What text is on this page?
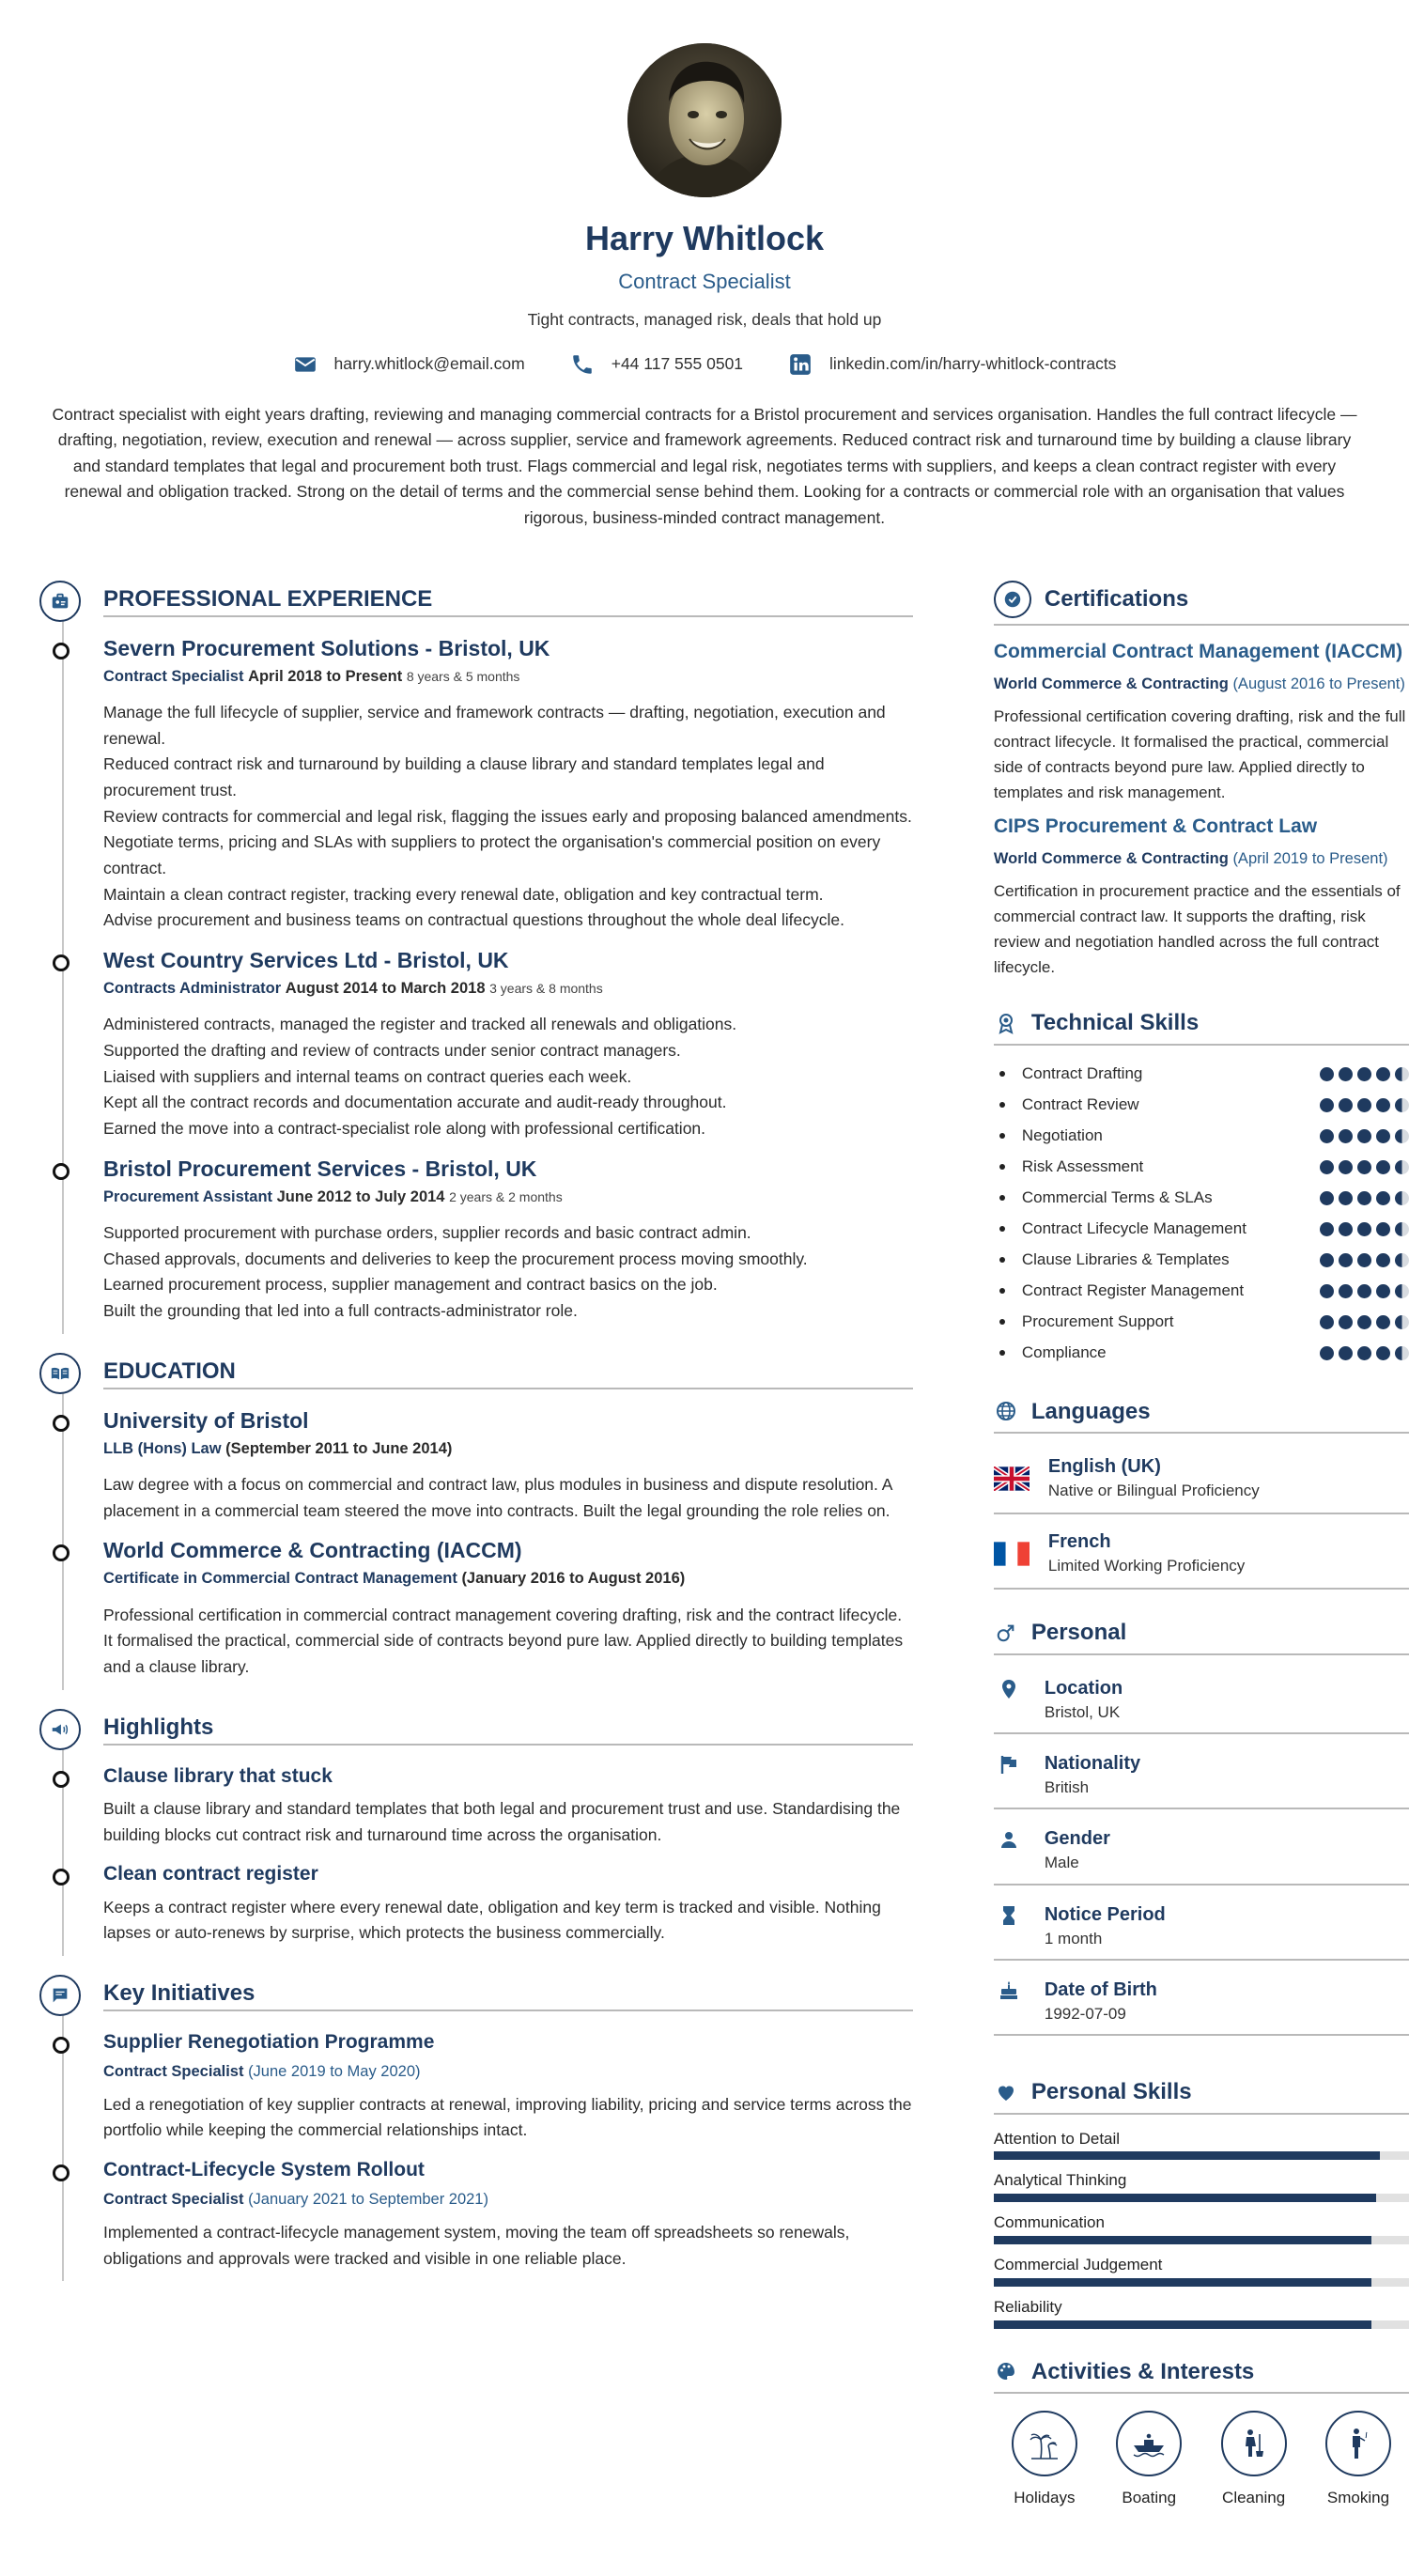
Harry Whitlock
Contract Specialist
Tight contracts, managed risk, deals that hold up
harry.whitlock@email.com	+44 117 555 0501	linkedin.com/in/harry-whitlock-contracts
Contract specialist with eight years drafting, reviewing and managing commercial contracts for a Bristol procurement and services organisation. Handles the full contract lifecycle — drafting, negotiation, review, execution and renewal — across supplier, service and framework agreements. Reduced contract risk and turnaround time by building a clause library and standard templates that legal and procurement both trust. Flags commercial and legal risk, negotiates terms with suppliers, and keeps a clean contract register with every renewal and obligation tracked. Strong on the detail of terms and the commercial sense behind them. Looking for a contracts or commercial role with an organisation that values rigorous, business-minded contract management.
PROFESSIONAL EXPERIENCE
Severn Procurement Solutions - Bristol, UK
Contract Specialist April 2018 to Present 8 years & 5 months

Manage the full lifecycle of supplier, service and framework contracts — drafting, negotiation, execution and renewal.

Reduced contract risk and turnaround by building a clause library and standard templates legal and procurement trust.

Review contracts for commercial and legal risk, flagging the issues early and proposing balanced amendments.

Negotiate terms, pricing and SLAs with suppliers to protect the organisation's commercial position on every contract.

Maintain a clean contract register, tracking every renewal date, obligation and key contractual term.

Advise procurement and business teams on contractual questions throughout the whole deal lifecycle.

West Country Services Ltd - Bristol, UK
Contracts Administrator August 2014 to March 2018 3 years & 8 months

Administered contracts, managed the register and tracked all renewals and obligations.

Supported the drafting and review of contracts under senior contract managers.

Liaised with suppliers and internal teams on contract queries each week.

Kept all the contract records and documentation accurate and audit-ready throughout.

Earned the move into a contract-specialist role along with professional certification.

Bristol Procurement Services - Bristol, UK
Procurement Assistant June 2012 to July 2014 2 years & 2 months

Supported procurement with purchase orders, supplier records and basic contract admin.

Chased approvals, documents and deliveries to keep the procurement process moving smoothly.

Learned procurement process, supplier management and contract basics on the job.

Built the grounding that led into a full contracts-administrator role.

EDUCATION
University of Bristol
LLB (Hons) Law (September 2011 to June 2014)
Law degree with a focus on commercial and contract law, plus modules in business and dispute resolution. A placement in a commercial team steered the move into contracts. Built the legal grounding the role relies on.
World Commerce & Contracting (IACCM)
Certificate in Commercial Contract Management (January 2016 to August 2016)
Professional certification in commercial contract management covering drafting, risk and the contract lifecycle. It formalised the practical, commercial side of contracts beyond pure law. Applied directly to building templates and a clause library.
Highlights
Clause library that stuck
Built a clause library and standard templates that both legal and procurement trust and use. Standardising the building blocks cut contract risk and turnaround time across the organisation.
Clean contract register
Keeps a contract register where every renewal date, obligation and key term is tracked and visible. Nothing lapses or auto-renews by surprise, which protects the business commercially.
Key Initiatives
Supplier Renegotiation Programme
Contract Specialist (June 2019 to May 2020)
Led a renegotiation of key supplier contracts at renewal, improving liability, pricing and service terms across the portfolio while keeping the commercial relationships intact.
Contract-Lifecycle System Rollout
Contract Specialist (January 2021 to September 2021)
Implemented a contract-lifecycle management system, moving the team off spreadsheets so renewals, obligations and approvals were tracked and visible in one reliable place.
Certifications
Commercial Contract Management (IACCM)
World Commerce & Contracting (August 2016 to Present)
Professional certification covering drafting, risk and the full contract lifecycle. It formalised the practical, commercial side of contracts beyond pure law. Applied directly to templates and risk management.
CIPS Procurement & Contract Law
World Commerce & Contracting (April 2019 to Present)
Certification in procurement practice and the essentials of commercial contract law. It supports the drafting, risk review and negotiation handled across the full contract lifecycle.
Technical Skills
Contract Drafting
Contract Review
Negotiation
Risk Assessment
Commercial Terms & SLAs
Contract Lifecycle Management
Clause Libraries & Templates
Contract Register Management
Procurement Support
Compliance
Languages
English (UK)
Native or Bilingual Proficiency
French
Limited Working Proficiency
Personal
Location
Bristol, UK
Nationality
British
Gender
Male
Notice Period
1 month
Date of Birth
1992-07-09
Personal Skills
Attention to Detail
Analytical Thinking
Communication
Commercial Judgement
Reliability
Activities & Interests
Holidays	Boating	Cleaning	Smoking
